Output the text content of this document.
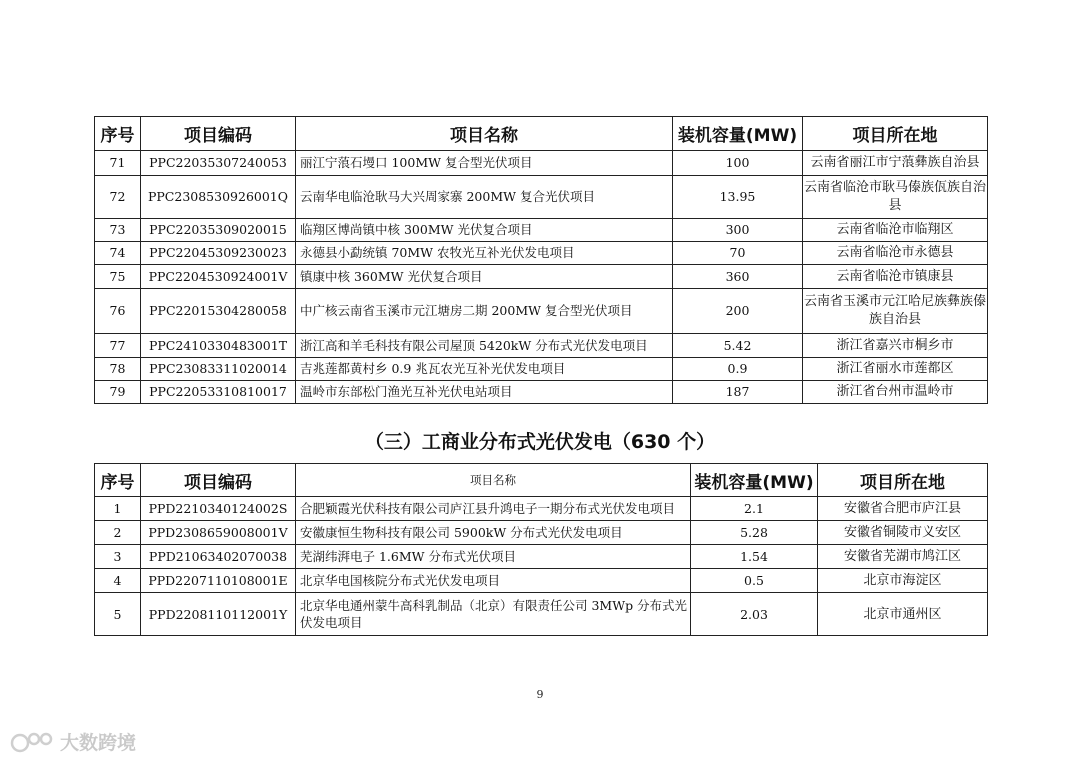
序号	项目编码	项目名称	装机容量(MW)	项目所在地
71	PPC22035307240053	丽江宁蒗石墁口 100MW 复合型光伏项目	100	云南省丽江市宁蒗彝族自治县
72	PPC2308530926001Q	云南华电临沧耿马大兴周家寨 200MW 复合光伏项目	13.95	云南省临沧市耿马傣族佤族自治县
73	PPC22035309020015	临翔区博尚镇中核 300MW 光伏复合项目	300	云南省临沧市临翔区
74	PPC22045309230023	永德县小勐统镇 70MW 农牧光互补光伏发电项目	70	云南省临沧市永德县
75	PPC2204530924001V	镇康中核 360MW 光伏复合项目	360	云南省临沧市镇康县
76	PPC22015304280058	中广核云南省玉溪市元江塘房二期 200MW 复合型光伏项目	200	云南省玉溪市元江哈尼族彝族傣族自治县
77	PPC2410330483001T	浙江高和羊毛科技有限公司屋顶 5420kW 分布式光伏发电项目	5.42	浙江省嘉兴市桐乡市
78	PPC23083311020014	吉兆莲都黄村乡 0.9 兆瓦农光互补光伏发电项目	0.9	浙江省丽水市莲都区
79	PPC22053310810017	温岭市东部松门渔光互补光伏电站项目	187	浙江省台州市温岭市
（三）工商业分布式光伏发电（630 个）
序号	项目编码	项目名称	装机容量(MW)	项目所在地
1	PPD2210340124002S	合肥颖霞光伏科技有限公司庐江县升鸿电子一期分布式光伏发电项目	2.1	安徽省合肥市庐江县
2	PPD2308659008001V	安徽康恒生物科技有限公司 5900kW 分布式光伏发电项目	5.28	安徽省铜陵市义安区
3	PPD21063402070038	芜湖纬湃电子 1.6MW 分布式光伏项目	1.54	安徽省芜湖市鸠江区
4	PPD2207110108001E	北京华电国核院分布式光伏发电项目	0.5	北京市海淀区
5	PPD2208110112001Y	北京华电通州蒙牛高科乳制品（北京）有限责任公司 3MWp 分布式光伏发电项目	2.03	北京市通州区
9
大数跨境
